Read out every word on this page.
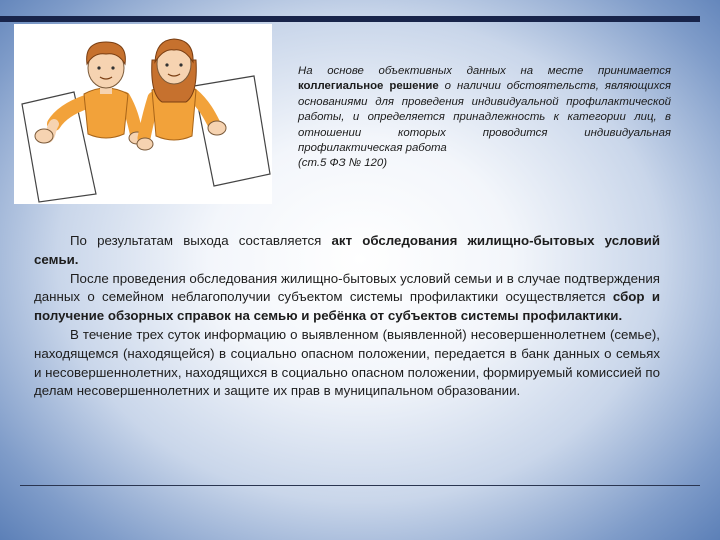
На основе объективных данных на месте принимается коллегиальное решение о наличии обстоятельств, являющихся основаниями для проведения индивидуальной профилактической работы, и определяется принадлежность к категории лиц, в отношении которых проводится индивидуальная профилактическая работа
(ст.5 ФЗ № 120)

По результатам выхода составляется акт обследования жилищно-бытовых условий семьи.

После проведения обследования жилищно-бытовых условий семьи и в случае подтверждения данных о семейном неблагополучии субъектом системы профилактики осуществляется сбор и получение обзорных справок на семью и ребёнка от субъектов системы профилактики.

В течение трех суток информацию о выявленном (выявленной) несовершеннолетнем (семье), находящемся (находящейся) в социально опасном положении, передается в банк данных о семьях и несовершеннолетних, находящихся в социально опасном положении, формируемый комиссией по делам несовершеннолетних и защите их прав в муниципальном образовании.
